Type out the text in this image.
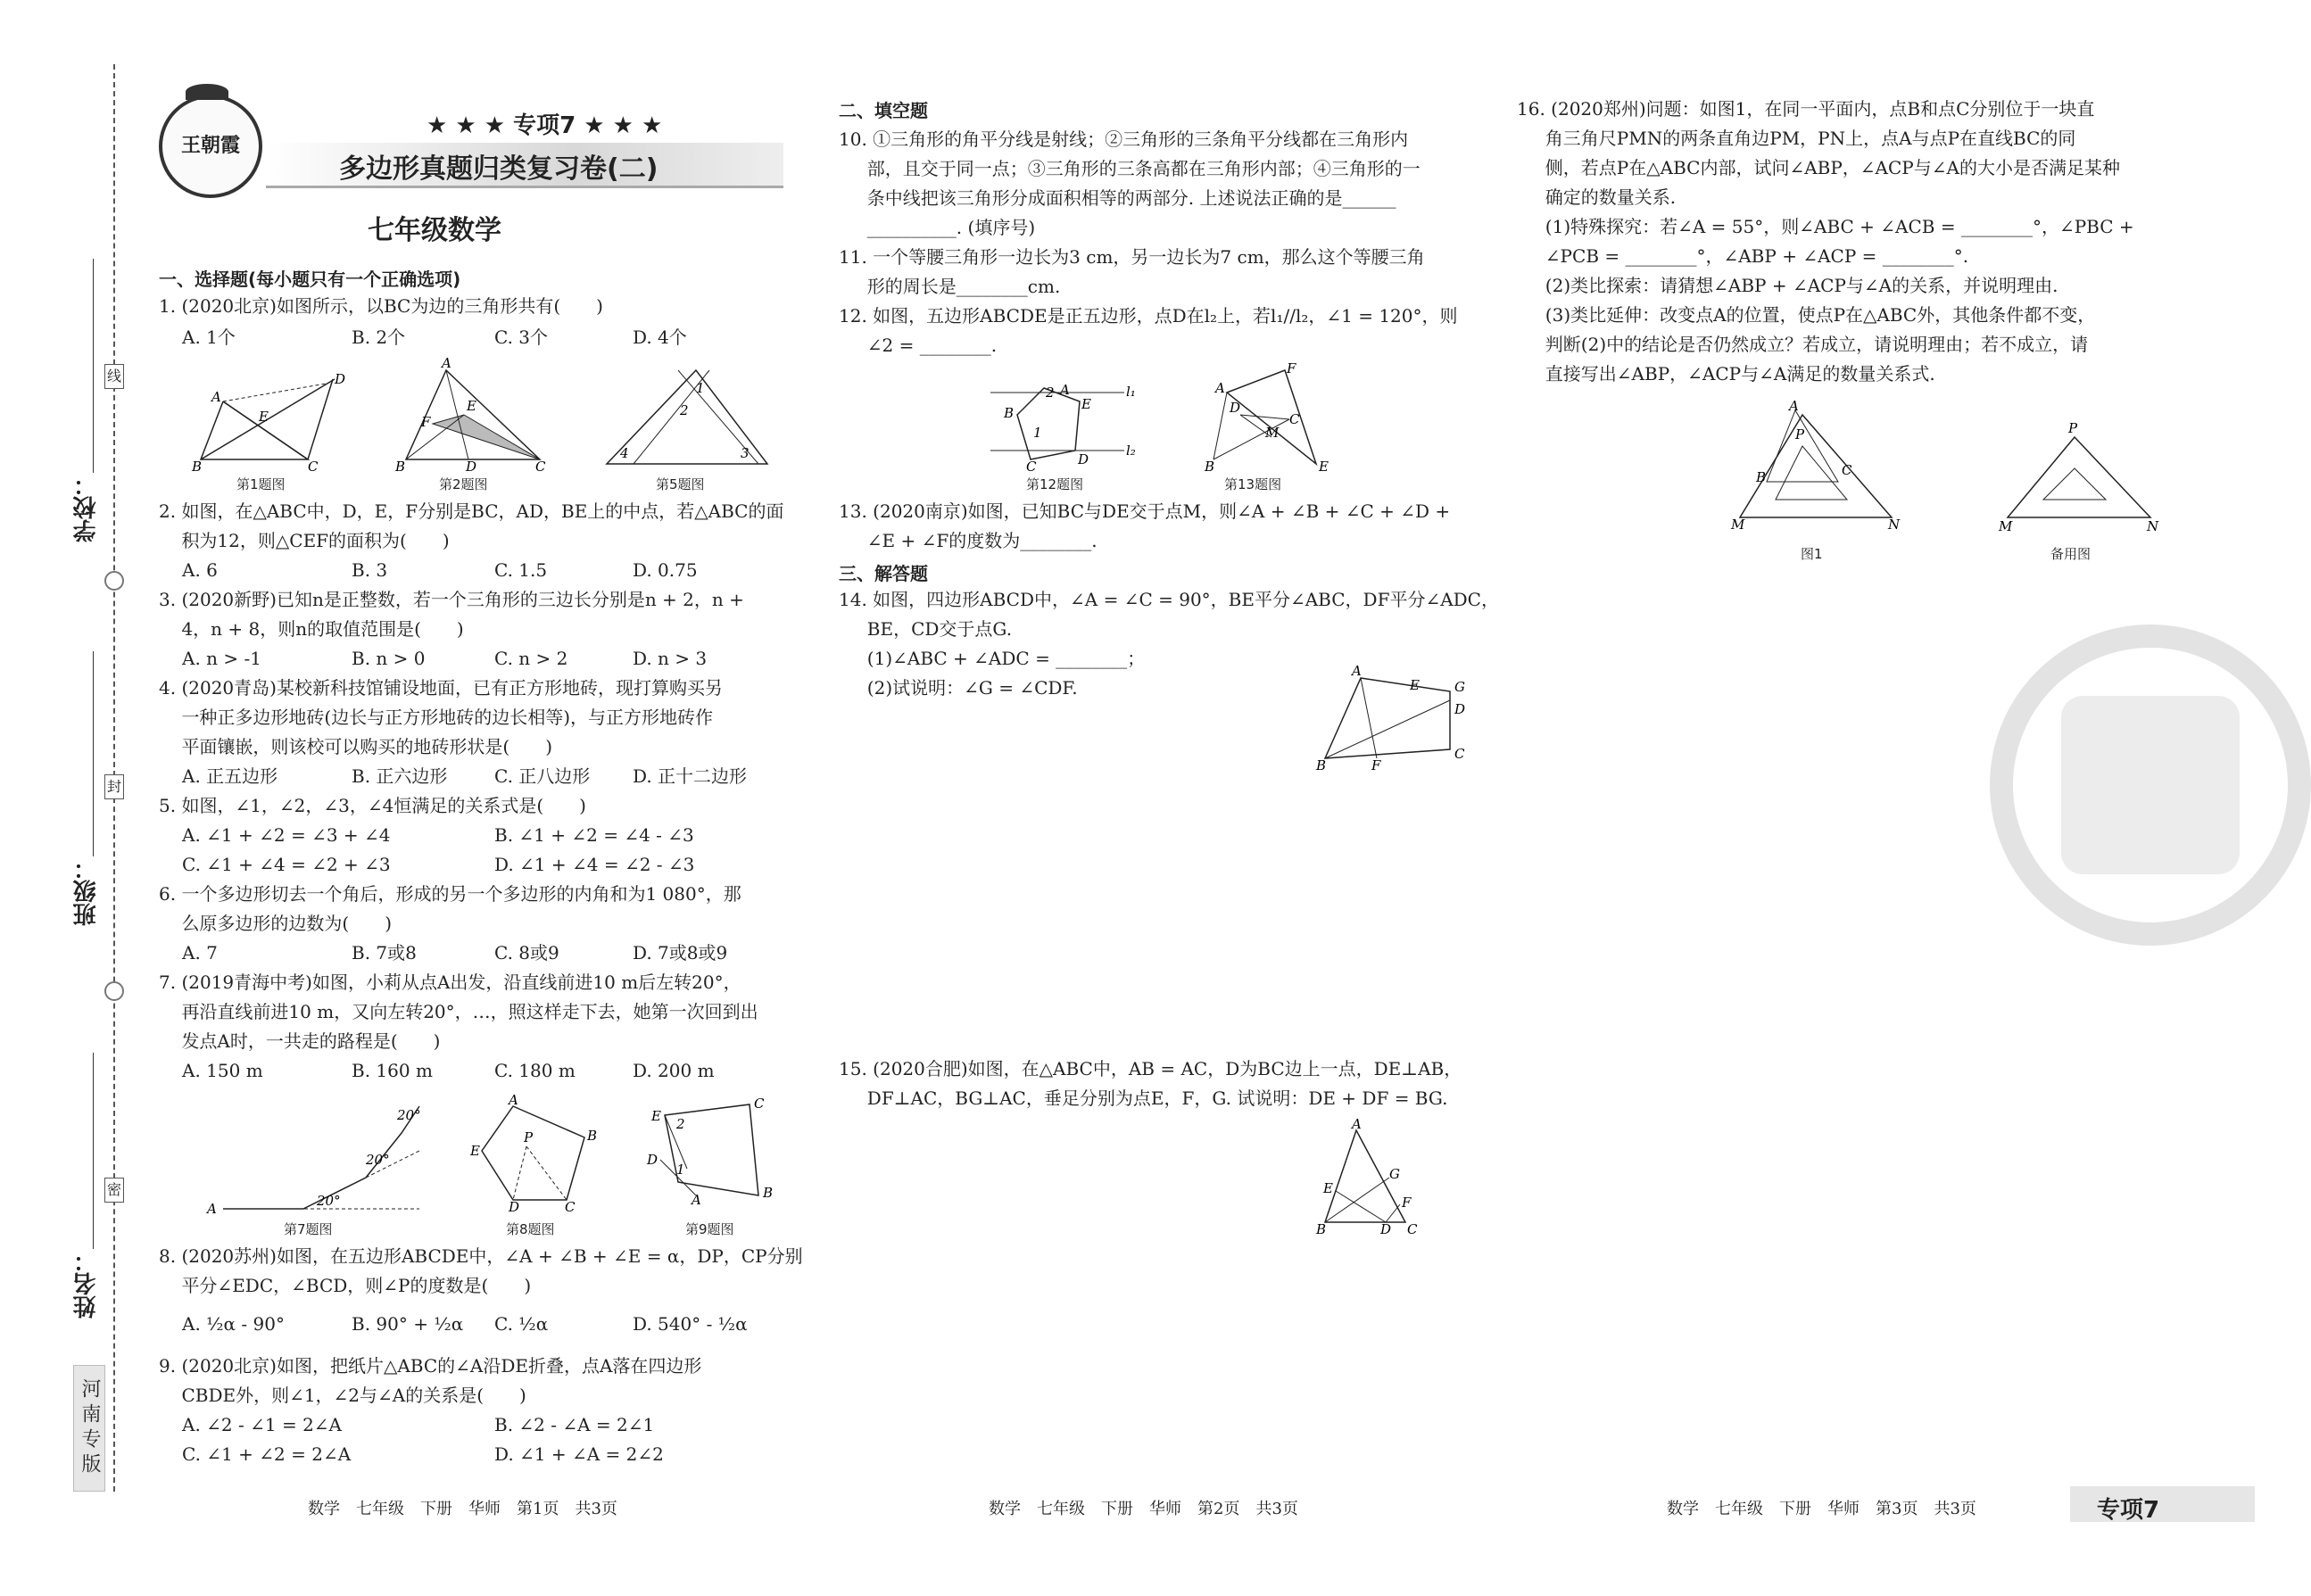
线
封
密
学校：
班级：
姓名：
河南专版
王朝霞
★ ★ ★ 专项7 ★ ★ ★
多边形真题归类复习卷(二)
七年级数学
一、选择题(每小题只有一个正确选项)
1. (2020北京)如图所示，以BC为边的三角形共有(　　)
A. 1个	B. 2个	C. 3个	D. 4个
A
B	C
D
E
A
B	C
D
E
F
1
2
3
4
第1题图	第2题图	第5题图
2. 如图，在△ABC中，D，E，F分别是BC，AD，BE上的中点，若△ABC的面
积为12，则△CEF的面积为(　　)
A. 6	B. 3	C. 1.5	D. 0.75
3. (2020新野)已知n是正整数，若一个三角形的三边长分别是n + 2，n +
4，n + 8，则n的取值范围是(　　)
A. n > -1	B. n > 0	C. n > 2	D. n > 3
4. (2020青岛)某校新科技馆铺设地面，已有正方形地砖，现打算购买另
一种正多边形地砖(边长与正方形地砖的边长相等)，与正方形地砖作
平面镶嵌，则该校可以购买的地砖形状是(　　)
A. 正五边形	B. 正六边形	C. 正八边形	D. 正十二边形
5. 如图，∠1，∠2，∠3，∠4恒满足的关系式是(　　)
A. ∠1 + ∠2 = ∠3 + ∠4	B. ∠1 + ∠2 = ∠4 - ∠3
C. ∠1 + ∠4 = ∠2 + ∠3	D. ∠1 + ∠4 = ∠2 - ∠3
6. 一个多边形切去一个角后，形成的另一个多边形的内角和为1 080°，那
么原多边形的边数为(　　)
A. 7	B. 7或8	C. 8或9	D. 7或8或9
7. (2019青海中考)如图，小莉从点A出发，沿直线前进10 m后左转20°，
再沿直线前进10 m，又向左转20°，…，照这样走下去，她第一次回到出
发点A时，一共走的路程是(　　)
A. 150 m	B. 160 m	C. 180 m	D. 200 m
A	20°
20°
20°
A
B
C
D
E
P
C
B
E
D
A
2
1
第7题图	第8题图	第9题图
8. (2020苏州)如图，在五边形ABCDE中，∠A + ∠B + ∠E = α，DP，CP分别
平分∠EDC，∠BCD，则∠P的度数是(　　)
A. ½α - 90°	B. 90° + ½α	C. ½α	D. 540° - ½α
9. (2020北京)如图，把纸片△ABC的∠A沿DE折叠，点A落在四边形
CBDE外，则∠1，∠2与∠A的关系是(　　)
A. ∠2 - ∠1 = 2∠A	B. ∠2 - ∠A = 2∠1
C. ∠1 + ∠2 = 2∠A	D. ∠1 + ∠A = 2∠2
二、填空题
10. ①三角形的角平分线是射线；②三角形的三条角平分线都在三角形内
部，且交于同一点；③三角形的三条高都在三角形内部；④三角形的一
条中线把该三角形分成面积相等的两部分. 上述说法正确的是______
__________. (填序号)
11. 一个等腰三角形一边长为3 cm，另一边长为7 cm，那么这个等腰三角
形的周长是________cm.
12. 如图，五边形ABCDE是正五边形，点D在l₂上，若l₁//l₂，∠1 = 120°，则
∠2 = ________.
l₁
l₂
2
1
E
B
C	D
A	A
F
B	E
C
D
M
第12题图	第13题图
13. (2020南京)如图，已知BC与DE交于点M，则∠A + ∠B + ∠C + ∠D +
∠E + ∠F的度数为________.
三、解答题
14. 如图，四边形ABCD中，∠A = ∠C = 90°，BE平分∠ABC，DF平分∠ADC，
BE，CD交于点G.
(1)∠ABC + ∠ADC = ________；
(2)试说明：∠G = ∠CDF.
A
G
D
C
B	F
E
15. (2020合肥)如图，在△ABC中，AB = AC，D为BC边上一点，DE⊥AB，
DF⊥AC，BG⊥AC，垂足分别为点E，F，G. 试说明：DE + DF = BG.
A
B	C
D
E
F
G
16. (2020郑州)问题：如图1，在同一平面内，点B和点C分别位于一块直
角三角尺PMN的两条直角边PM，PN上，点A与点P在直线BC的同
侧，若点P在△ABC内部，试问∠ABP，∠ACP与∠A的大小是否满足某种
确定的数量关系.
(1)特殊探究：若∠A = 55°，则∠ABC + ∠ACB = ________°，∠PBC +
∠PCB = ________°，∠ABP + ∠ACP = ________°.
(2)类比探索：请猜想∠ABP + ∠ACP与∠A的关系，并说明理由.
(3)类比延伸：改变点A的位置，使点P在△ABC外，其他条件都不变，
判断(2)中的结论是否仍然成立？若成立，请说明理由；若不成立，请
直接写出∠ABP，∠ACP与∠A满足的数量关系式.
A
P
B	C
M	N
P
M	N
图1	备用图
数学　七年级　下册　华师　第1页　共3页	数学　七年级　下册　华师　第2页　共3页	数学　七年级　下册　华师　第3页　共3页	专项7
